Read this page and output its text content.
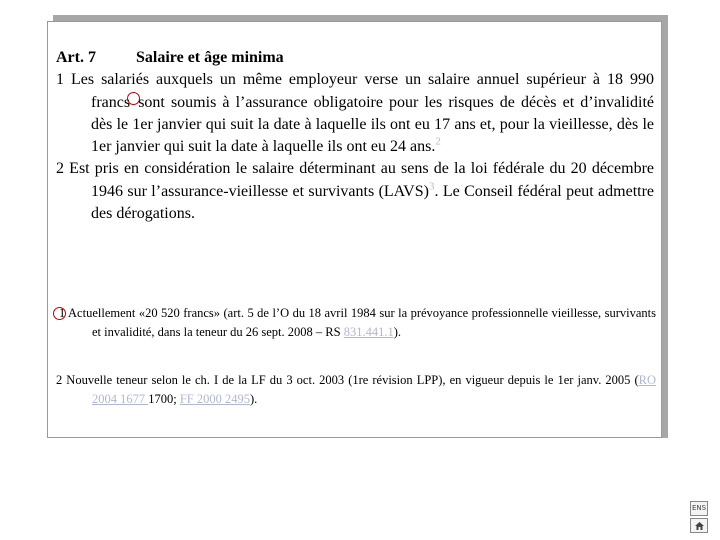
Art. 7	Salaire et âge minima

1 Les salariés auxquels un même employeur verse un salaire annuel supérieur à 18 990 francs sont soumis à l’assurance obligatoire pour les risques de décès et d’invalidité dès le 1er janvier qui suit la date à laquelle ils ont eu 17 ans et, pour la vieillesse, dès le 1er janvier qui suit la date à laquelle ils ont eu 24 ans.$^2$

2 Est pris en considération le salaire déterminant au sens de la loi fédérale du 20 décembre 1946 sur l’assurance-vieillesse et survivants (LAVS)$^3$. Le Conseil fédéral peut admettre des dérogations.

1 Actuellement «20 520 francs» (art. 5 de l’O du 18 avril 1984 sur la prévoyance professionnelle vieillesse, survivants et invalidité, dans la teneur du 26 sept. 2008 – RS 831.441.1).

2 Nouvelle teneur selon le ch. I de la LF du 3 oct. 2003 (1re révision LPP), en vigueur depuis le 1er janv. 2005 (RO 2004 1677 1700; FF 2000 2495).

ENS
